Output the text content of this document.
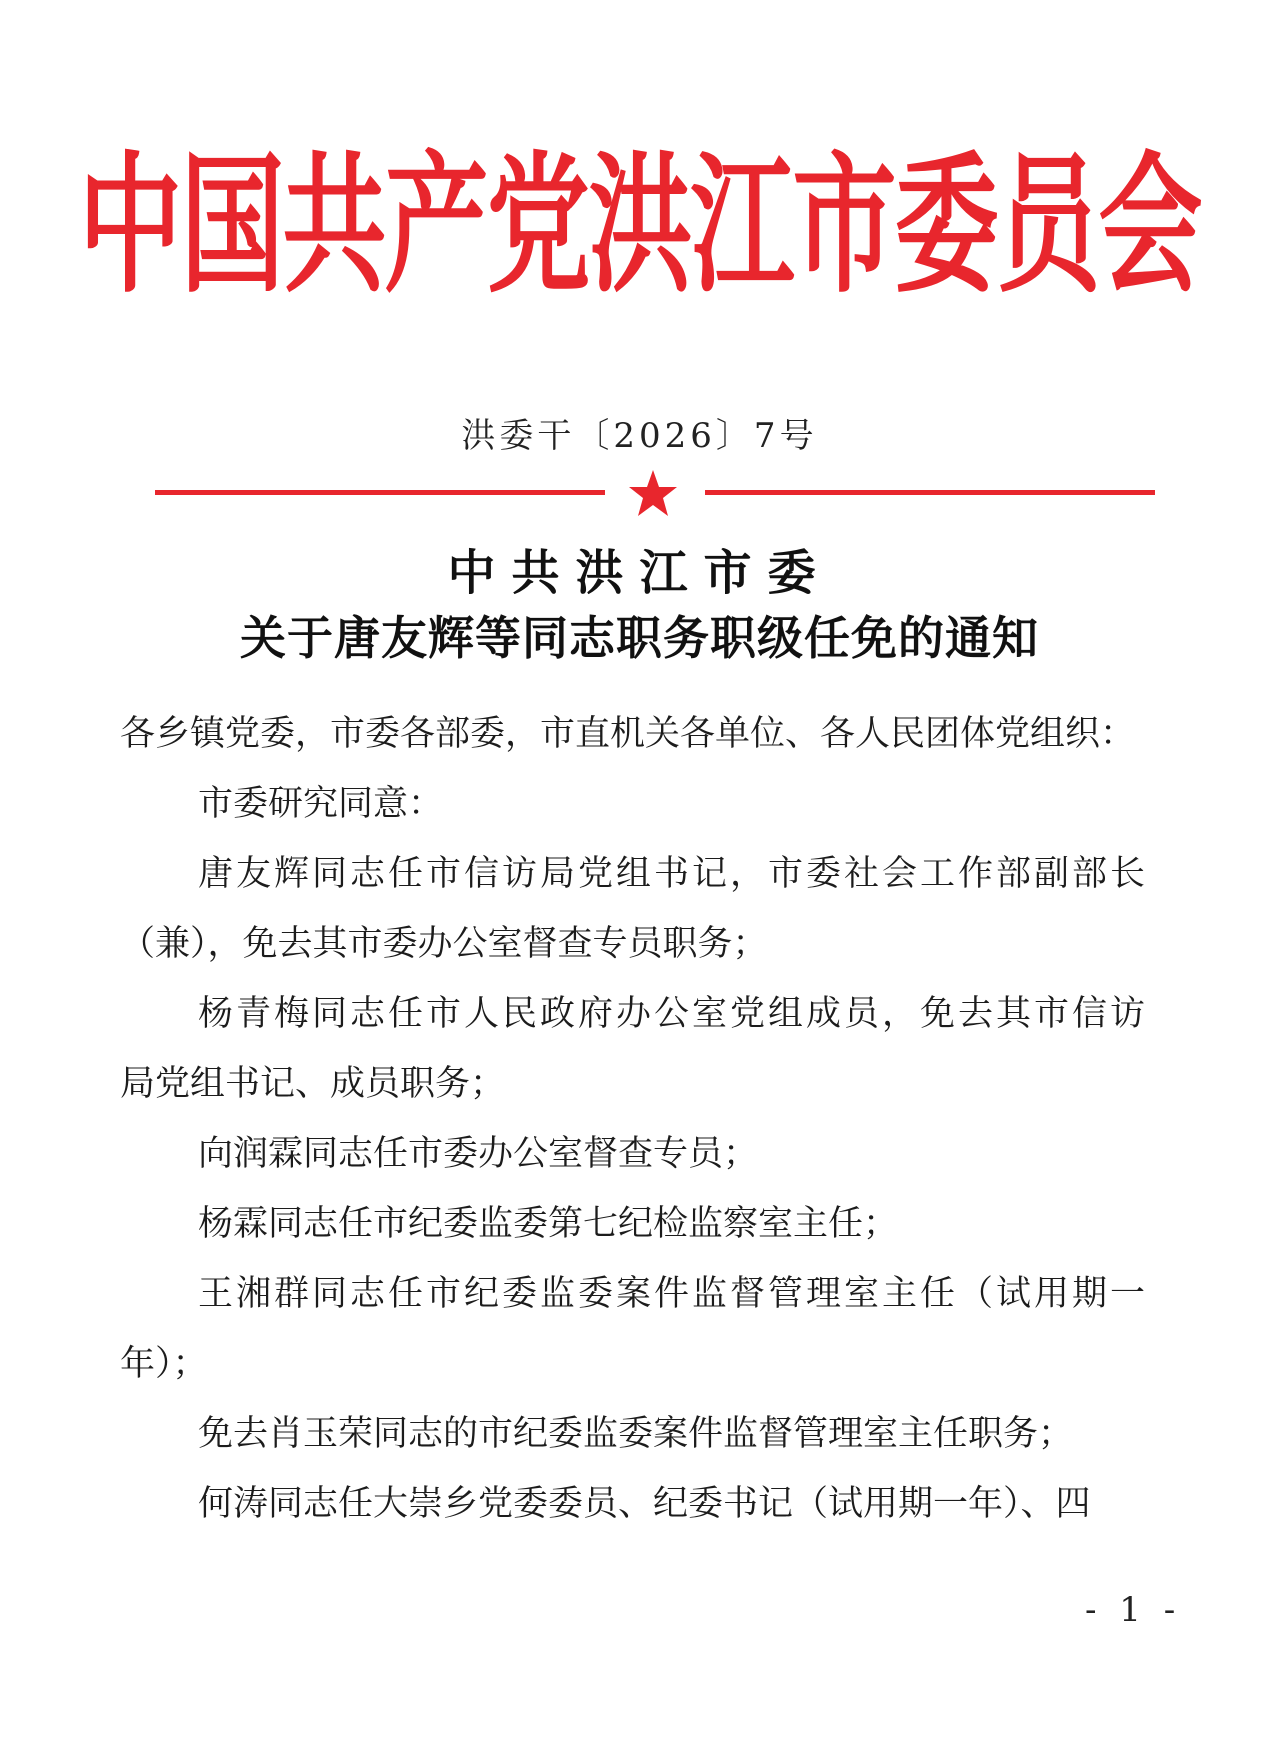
中国共产党洪江市委员会
洪委干〔2026〕7号
中共洪江市委
关于唐友辉等同志职务职级任免的通知
各乡镇党委，市委各部委，市直机关各单位、各人民团体党组织：
市委研究同意：
唐友辉同志任市信访局党组书记，市委社会工作部副部长
（兼），免去其市委办公室督查专员职务；
杨青梅同志任市人民政府办公室党组成员，免去其市信访
局党组书记、成员职务；
向润霖同志任市委办公室督查专员；
杨霖同志任市纪委监委第七纪检监察室主任；
王湘群同志任市纪委监委案件监督管理室主任（试用期一
年）；
免去肖玉荣同志的市纪委监委案件监督管理室主任职务；
何涛同志任大崇乡党委委员、纪委书记（试用期一年）、四
- 1 -
